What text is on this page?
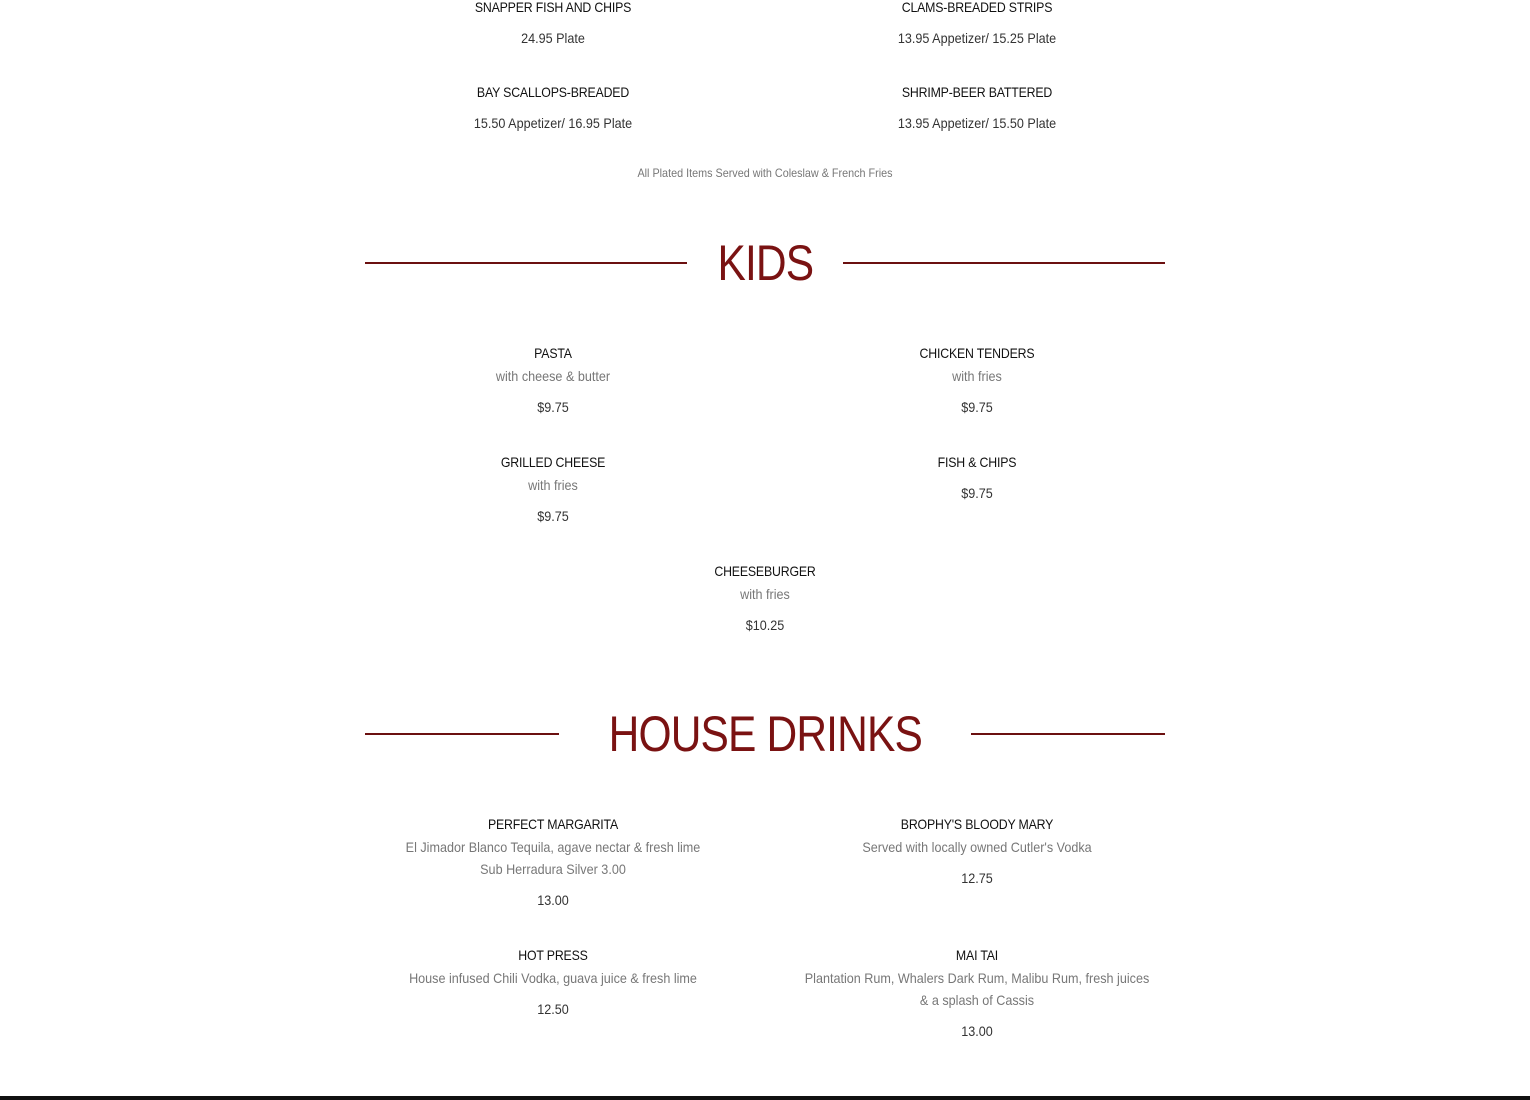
SNAPPER FISH AND CHIPS
24.95 Plate
CLAMS-BREADED STRIPS
13.95 Appetizer/ 15.25 Plate
BAY SCALLOPS-BREADED
15.50 Appetizer/ 16.95 Plate
SHRIMP-BEER BATTERED
13.95 Appetizer/ 15.50 Plate
All Plated Items Served with Coleslaw & French Fries
KIDS
PASTA
with cheese & butter
$9.75
CHICKEN TENDERS
with fries
$9.75
GRILLED CHEESE
with fries
$9.75
FISH & CHIPS
$9.75
CHEESEBURGER
with fries
$10.25
HOUSE DRINKS
PERFECT MARGARITA
El Jimador Blanco Tequila, agave nectar & fresh lime
Sub Herradura Silver 3.00
13.00
BROPHY'S BLOODY MARY
Served with locally owned Cutler's Vodka
12.75
HOT PRESS
House infused Chili Vodka, guava juice & fresh lime
12.50
MAI TAI
Plantation Rum, Whalers Dark Rum, Malibu Rum, fresh juices
& a splash of Cassis
13.00
